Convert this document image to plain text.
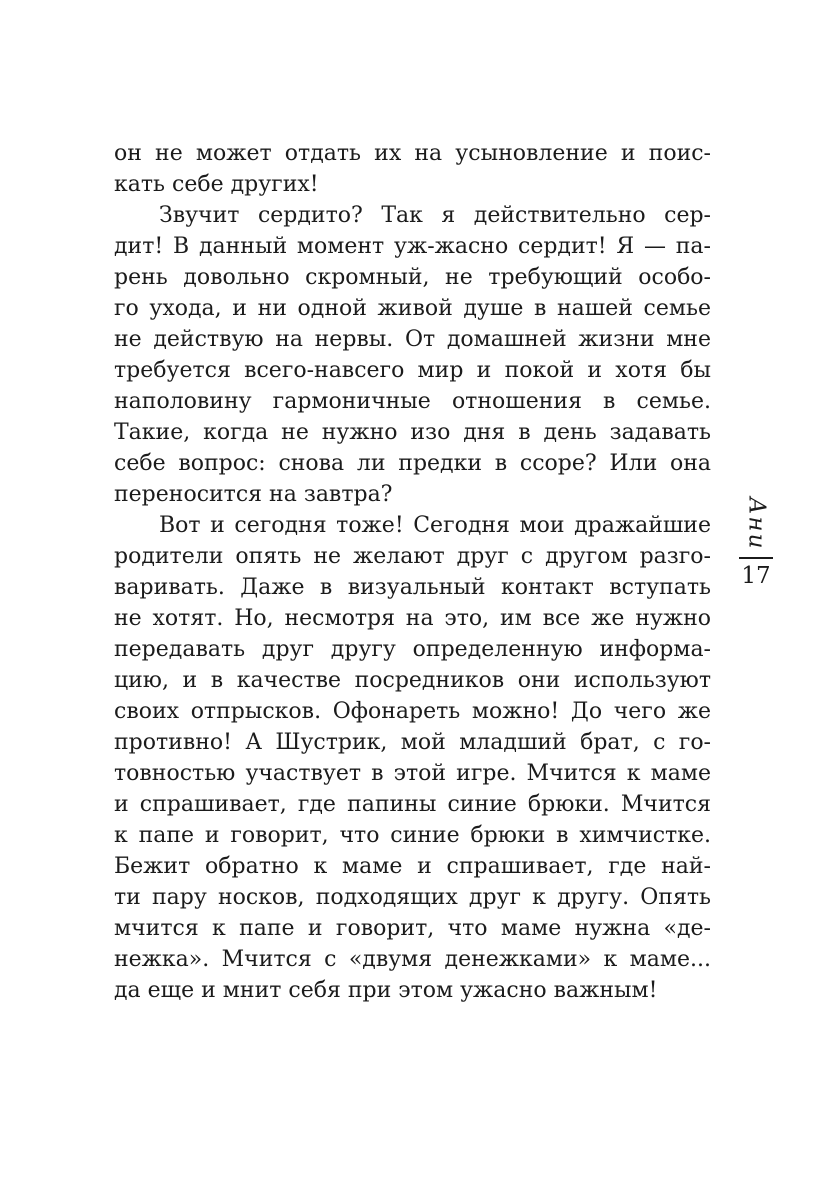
он не может отдать их на усыновление и поис-
кать себе других!
Звучит сердито? Так я действительно сер-
дит! В данный момент уж-жасно сердит! Я — па-
рень довольно скромный, не требующий особо-
го ухода, и ни одной живой душе в нашей семье
не действую на нервы. От домашней жизни мне
требуется всего-навсего мир и покой и хотя бы
наполовину гармоничные отношения в семье.
Такие, когда не нужно изо дня в день задавать
себе вопрос: снова ли предки в ссоре? Или она
переносится на завтра?
Вот и сегодня тоже! Сегодня мои дражайшие
родители опять не желают друг с другом разго-
варивать. Даже в визуальный контакт вступать
не хотят. Но, несмотря на это, им все же нужно
передавать друг другу определенную информа-
цию, и в качестве посредников они используют
своих отпрысков. Офонареть можно! До чего же
противно! А Шустрик, мой младший брат, с го-
товностью участвует в этой игре. Мчится к маме
и спрашивает, где папины синие брюки. Мчится
к папе и говорит, что синие брюки в химчистке.
Бежит обратно к маме и спрашивает, где най-
ти пару носков, подходящих друг к другу. Опять
мчится к папе и говорит, что маме нужна «де-
нежка». Мчится с «двумя денежками» к маме...
да еще и мнит себя при этом ужасно важным!
Ани
17
